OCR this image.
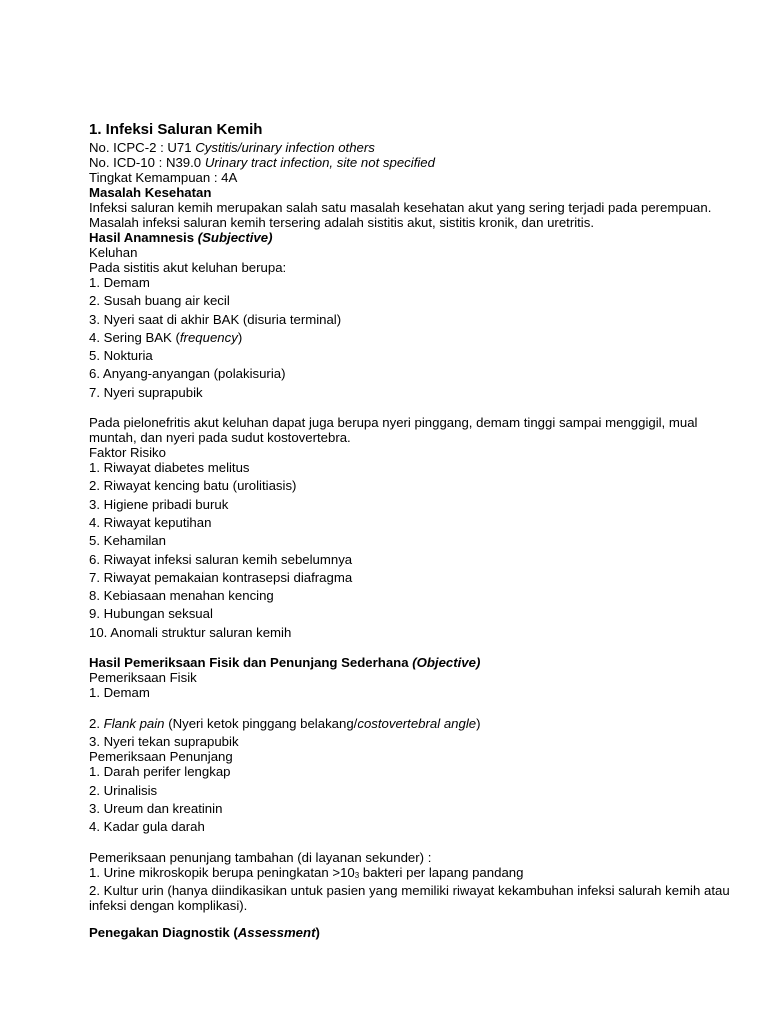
1. Infeksi Saluran Kemih
No. ICPC-2 : U71 Cystitis/urinary infection others
No. ICD-10 : N39.0 Urinary tract infection, site not specified
Tingkat Kemampuan : 4A
Masalah Kesehatan
Infeksi saluran kemih merupakan salah satu masalah kesehatan akut yang sering terjadi pada perempuan. Masalah infeksi saluran kemih tersering adalah sistitis akut, sistitis kronik, dan uretritis.
Hasil Anamnesis (Subjective)
Keluhan
Pada sistitis akut keluhan berupa:
1. Demam
2. Susah buang air kecil
3. Nyeri saat di akhir BAK (disuria terminal)
4. Sering BAK (frequency)
5. Nokturia
6. Anyang-anyangan (polakisuria)
7. Nyeri suprapubik
Pada pielonefritis akut keluhan dapat juga berupa nyeri pinggang, demam tinggi sampai menggigil, mual muntah, dan nyeri pada sudut kostovertebra.
Faktor Risiko
1. Riwayat diabetes melitus
2. Riwayat kencing batu (urolitiasis)
3. Higiene pribadi buruk
4. Riwayat keputihan
5. Kehamilan
6. Riwayat infeksi saluran kemih sebelumnya
7. Riwayat pemakaian kontrasepsi diafragma
8. Kebiasaan menahan kencing
9. Hubungan seksual
10. Anomali struktur saluran kemih
Hasil Pemeriksaan Fisik dan Penunjang Sederhana (Objective)
Pemeriksaan Fisik
1. Demam
2. Flank pain (Nyeri ketok pinggang belakang/costovertebral angle)
3. Nyeri tekan suprapubik
Pemeriksaan Penunjang
1. Darah perifer lengkap
2. Urinalisis
3. Ureum dan kreatinin
4. Kadar gula darah
Pemeriksaan penunjang tambahan (di layanan sekunder) :
1. Urine mikroskopik berupa peningkatan $>10_3$ bakteri per lapang pandang
2. Kultur urin (hanya diindikasikan untuk pasien yang memiliki riwayat kekambuhan infeksi salurah kemih atau infeksi dengan komplikasi).
Penegakan Diagnostik (Assessment)
